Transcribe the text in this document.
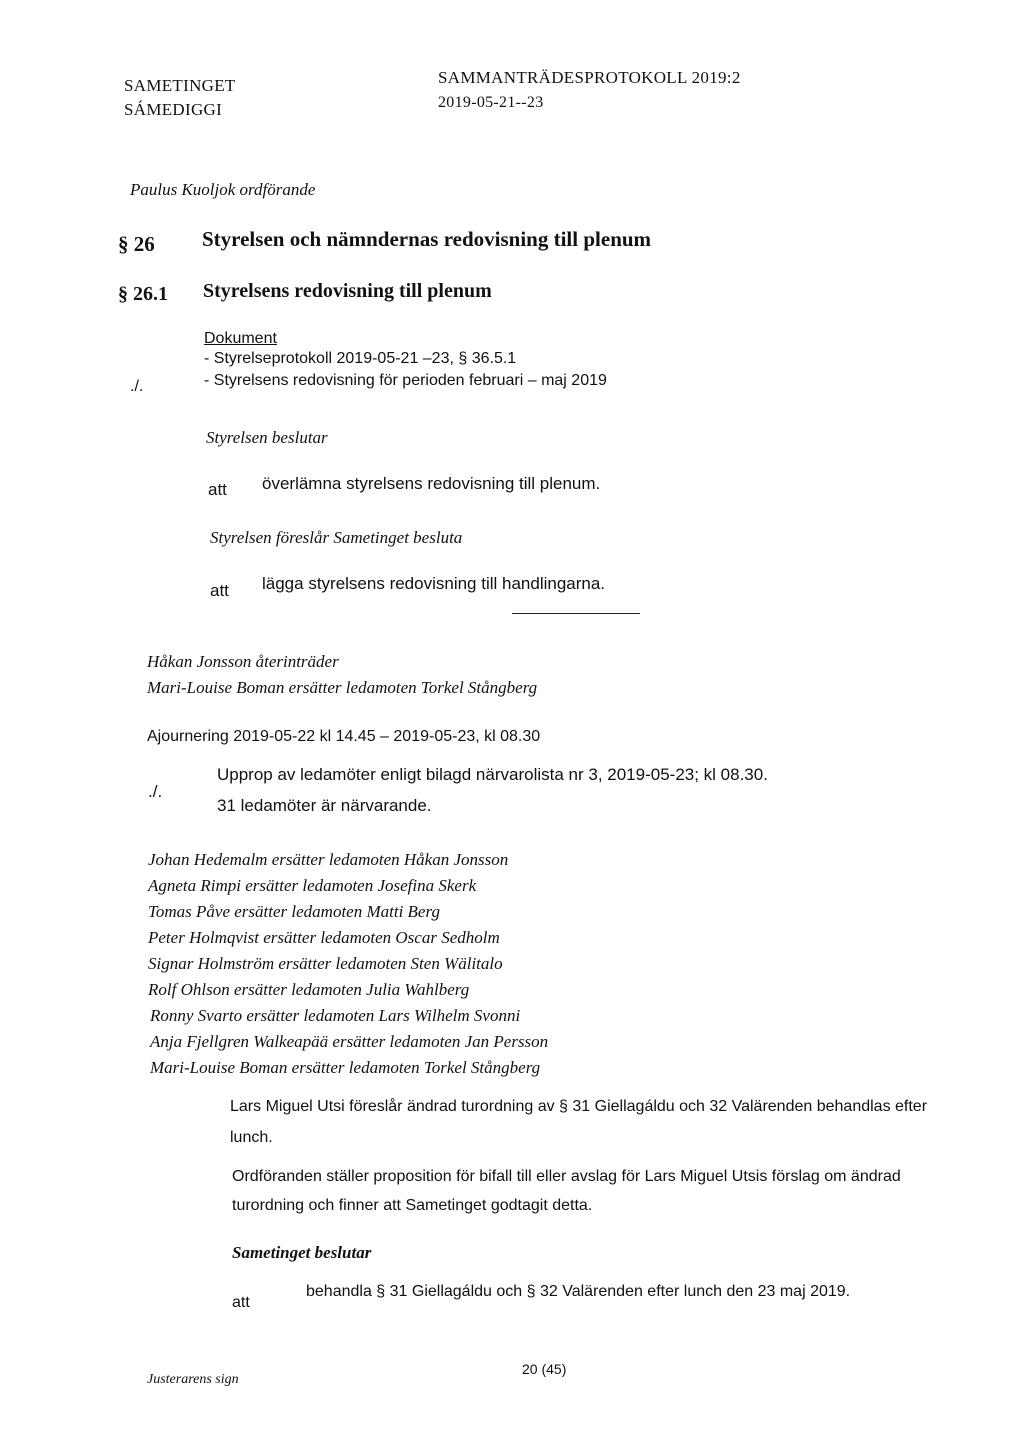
SAMETINGET
SÁMEDIGGI
SAMMANTRÄDESPROTOKOLL 2019:2
2019-05-21--23
Paulus Kuoljok ordförande
§ 26 Styrelsen och nämndernas redovisning till plenum
§ 26.1 Styrelsens redovisning till plenum
Dokument
- Styrelseprotokoll 2019-05-21 –23, § 36.5.1
./.	- Styrelsens redovisning för perioden februari – maj 2019
Styrelsen beslutar
att överlämna styrelsens redovisning till plenum.
Styrelsen föreslår Sametinget besluta
att lägga styrelsens redovisning till handlingarna.
Håkan Jonsson återinträder
Mari-Louise Boman ersätter ledamoten Torkel Stångberg
Ajournering 2019-05-22 kl 14.45 – 2019-05-23, kl 08.30
./.
Upprop av ledamöter enligt bilagd närvarolista nr 3, 2019-05-23; kl 08.30.
31 ledamöter är närvarande.
Johan Hedemalm ersätter ledamoten Håkan Jonsson
Agneta Rimpi ersätter ledamoten Josefina Skerk
Tomas Påve ersätter ledamoten Matti Berg
Peter Holmqvist ersätter ledamoten Oscar Sedholm
Signar Holmström ersätter ledamoten Sten Wälitalo
Rolf Ohlson ersätter ledamoten Julia Wahlberg
Ronny Svarto ersätter ledamoten Lars Wilhelm Svonni
Anja Fjellgren Walkeapää ersätter ledamoten Jan Persson
Mari-Louise Boman ersätter ledamoten Torkel Stångberg
Lars Miguel Utsi föreslår ändrad turordning av § 31 Giellagáldu och 32 Valärenden behandlas efter
lunch.
Ordföranden ställer proposition för bifall till eller avslag för Lars Miguel Utsis förslag om ändrad
turordning och finner att Sametinget godtagit detta.
Sametinget beslutar
att
behandla § 31 Giellagáldu och § 32 Valärenden efter lunch den 23 maj 2019.
Justerarens sign
20 (45)
